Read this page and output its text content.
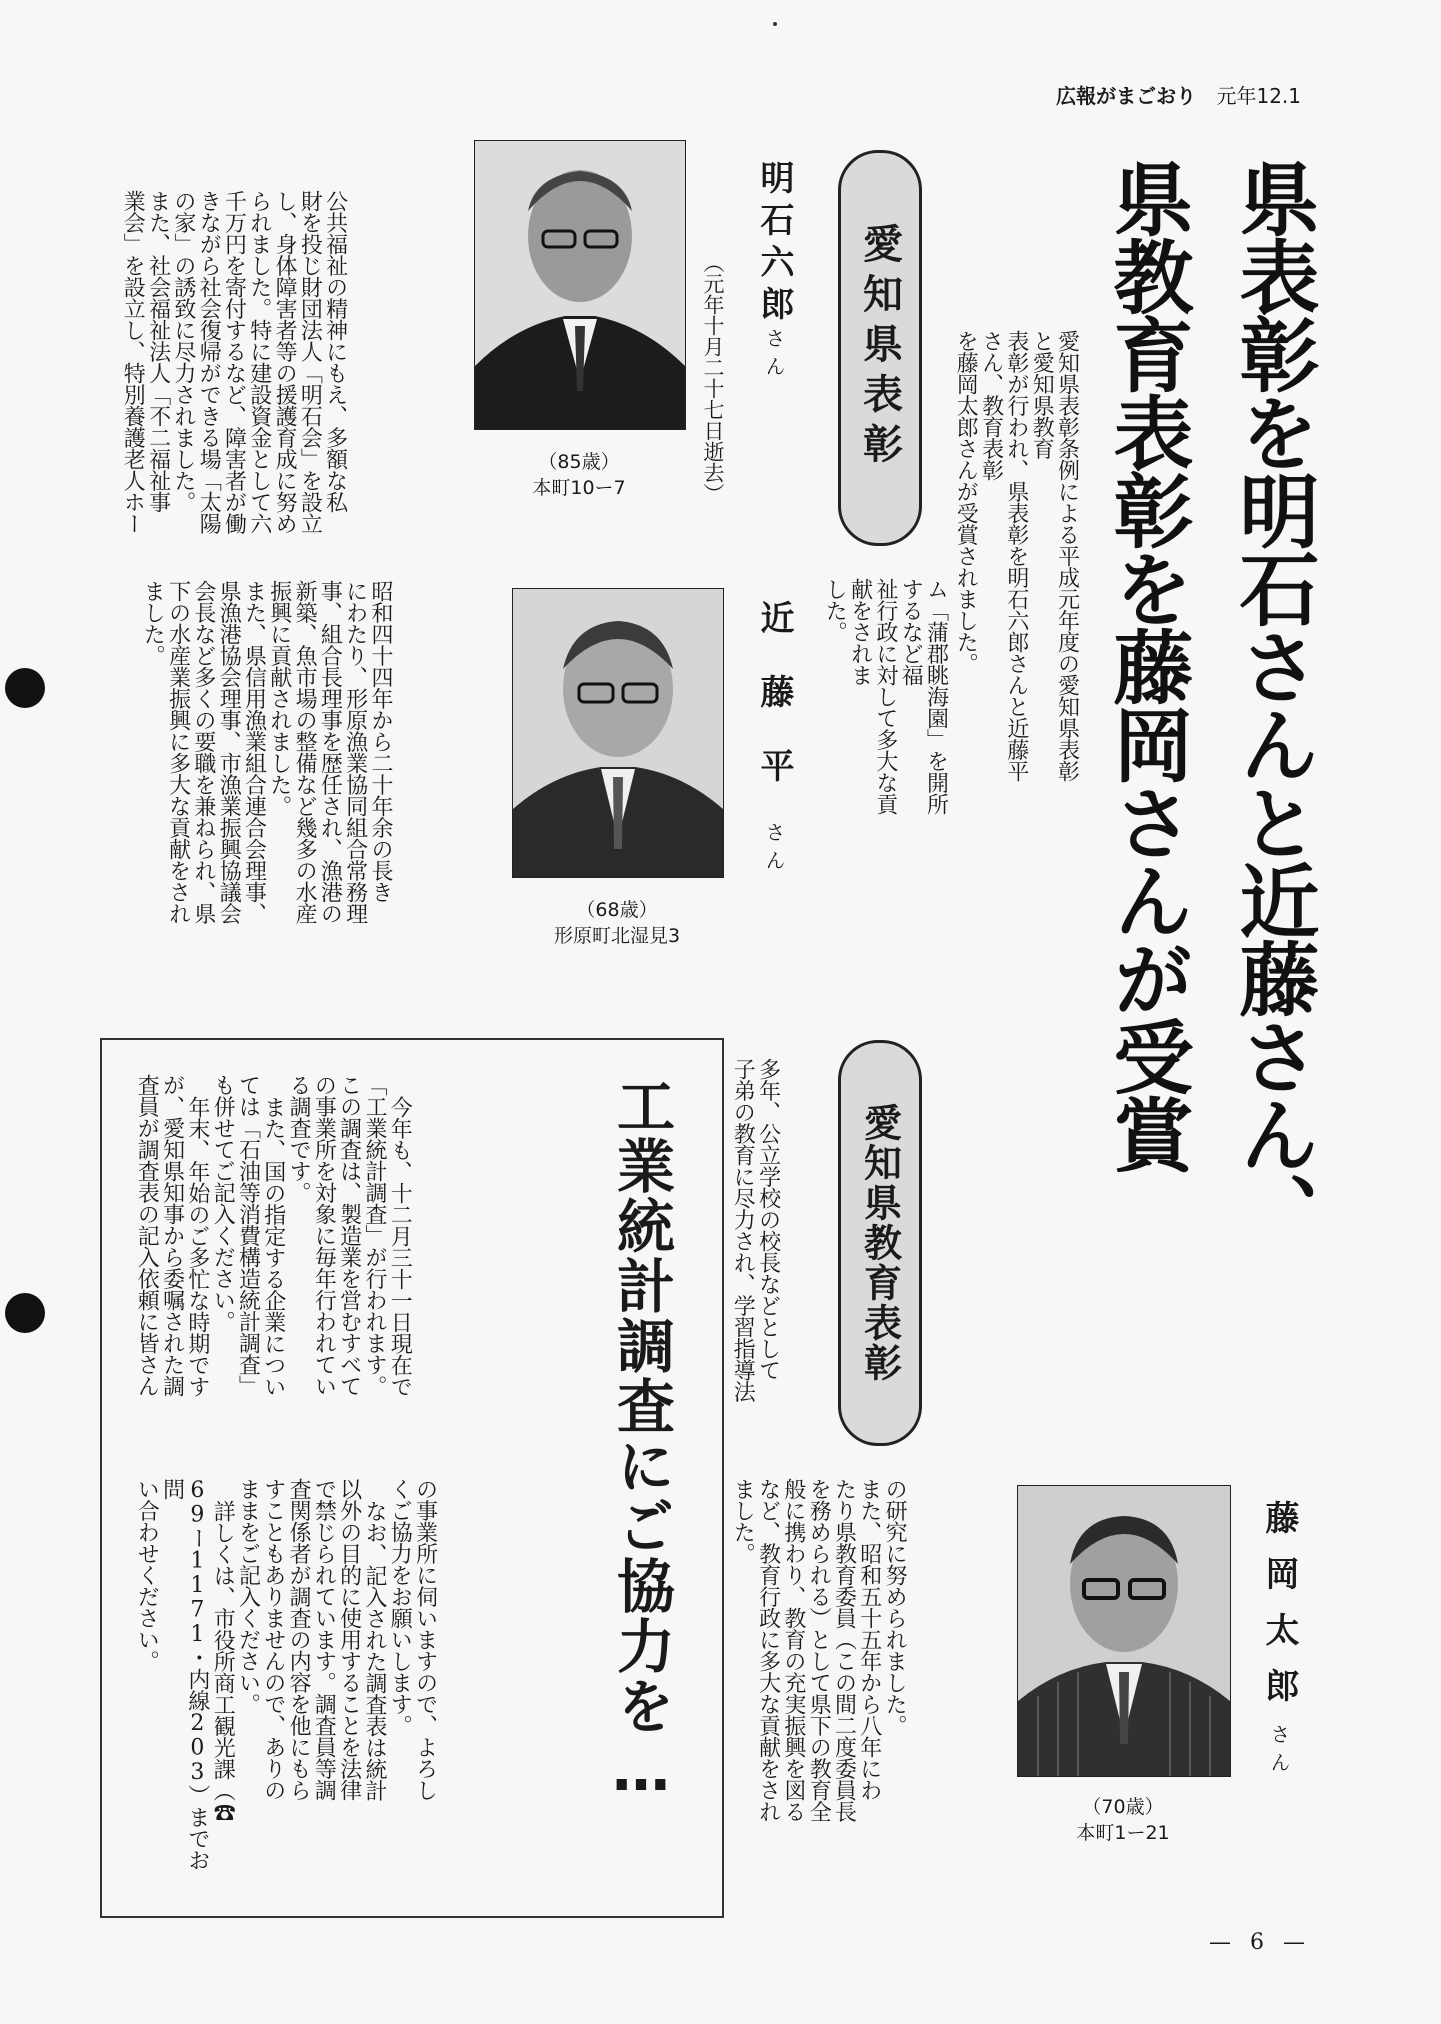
広報がまごおり 元年12.1
県表彰を明石さんと近藤さん、
県教育表彰を藤岡さんが受賞
愛知県表彰条例による平成元年度の愛知県表彰と愛知県教育
表彰が行われ、県表彰を明石六郎さんと近藤平さん、教育表彰
を藤岡太郎さんが受賞されました。
愛知県表彰
明石六郎さん
（元年十月二十七日逝去）
（85歳）
本町10ー7
公共福祉の精神にもえ、多額な私
財を投じ財団法人「明石会」を設立
し、身体障害者等の援護育成に努め
られました。特に建設資金として六
千万円を寄付するなど、障害者が働
きながら社会復帰ができる場「太陽
の家」の誘致に尽力されました。
また、社会福祉法人「不二福祉事
業会」を設立し、特別養護老人ホー
ム「蒲郡眺海園」を開所するなど福
祉行政に対して多大な貢献をされま
した。
近藤平さん
（68歳）
形原町北湿見3
昭和四十四年から二十年余の長き
にわたり、形原漁業協同組合常務理
事、組合長理事を歴任され、漁港の
新築、魚市場の整備など幾多の水産
振興に貢献されました。
また、県信用漁業組合連合会理事、
県漁港協会理事、市漁業振興協議会
会長など多くの要職を兼ねられ、県
下の水産業振興に多大な貢献をされ
ました。
愛知県教育表彰
多年、公立学校の校長などとして
子弟の教育に尽力され、学習指導法
の研究に努められました。
また、昭和五十五年から八年にわ
たり県教育委員（この間二度委員長
を務められる）として県下の教育全
般に携わり、教育の充実振興を図る
など、教育行政に多大な貢献をされ
ました。
（70歳）
本町1ー21
藤岡太郎さん
工業統計調査にご協力を…
今年も、十二月三十一日現在で
「工業統計調査」が行われます。
この調査は、製造業を営むすべて
の事業所を対象に毎年行われてい
る調査です。
また、国の指定する企業につい
ては「石油等消費構造統計調査」
も併せてご記入ください。
年末、年始のご多忙な時期です
が、愛知県知事から委嘱された調
査員が調査表の記入依頼に皆さん
の事業所に伺いますので、よろし
くご協力をお願いします。
なお、記入された調査表は統計
以外の目的に使用することを法律
で禁じられています。調査員等調
査関係者が調査の内容を他にもら
すこともありませんので、ありの
ままをご記入ください。
詳しくは、市役所商工観光課（☎
69ー1171・内線203）までお問
い合わせください。
— 6 —
